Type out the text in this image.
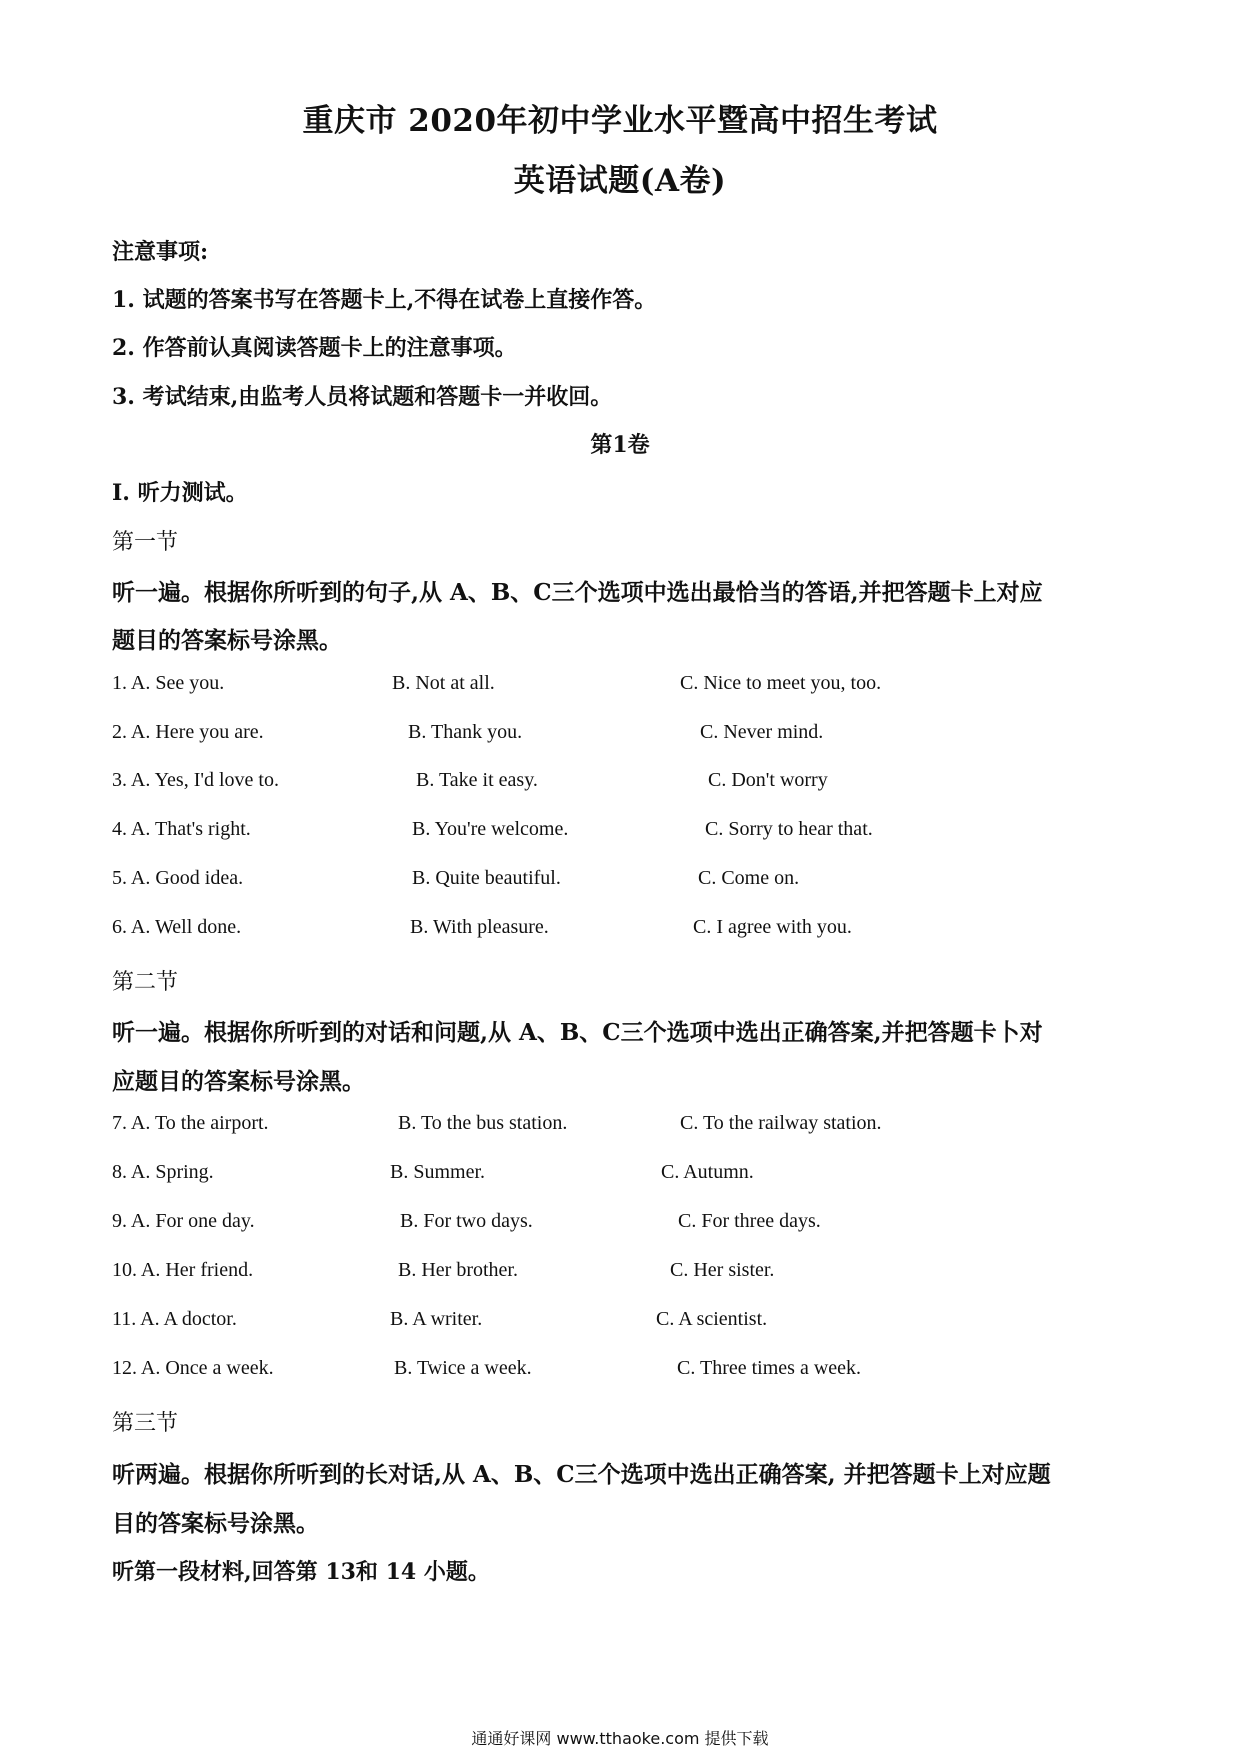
重庆市 2020年初中学业水平暨高中招生考试
英语试题(A卷)
注意事项:
1. 试题的答案书写在答题卡上,不得在试卷上直接作答。
2. 作答前认真阅读答题卡上的注意事项。
3. 考试结束,由监考人员将试题和答题卡一并收回。
第1卷
I. 听力测试。
第一节
听一遍。根据你所听到的句子,从 A、B、C三个选项中选出最恰当的答语,并把答题卡上对应
题目的答案标号涂黑。
1. A. See you.	B. Not at all.	C. Nice to meet you, too.
2. A. Here you are.	B. Thank you.	C. Never mind.
3. A. Yes, I'd love to.	B. Take it easy.	C. Don't worry
4. A. That's right.	B. You're welcome.	C. Sorry to hear that.
5. A. Good idea.	B. Quite beautiful.	C. Come on.
6. A. Well done.	B. With pleasure.	C. I agree with you.
第二节
听一遍。根据你所听到的对话和问题,从 A、B、C三个选项中选出正确答案,并把答题卡卜对
应题目的答案标号涂黑。
7. A. To the airport.	B. To the bus station.	C. To the railway station.
8. A. Spring.	B. Summer.	C. Autumn.
9. A. For one day.	B. For two days.	C. For three days.
10. A. Her friend.	B. Her brother.	C. Her sister.
11. A. A doctor.	B. A writer.	C. A scientist.
12. A. Once a week.	B. Twice a week.	C. Three times a week.
第三节
听两遍。根据你所听到的长对话,从 A、B、C三个选项中选出正确答案, 并把答题卡上对应题
目的答案标号涂黑。
听第一段材料,回答第 13和 14 小题。
通通好课网 www.tthaoke.com 提供下载
